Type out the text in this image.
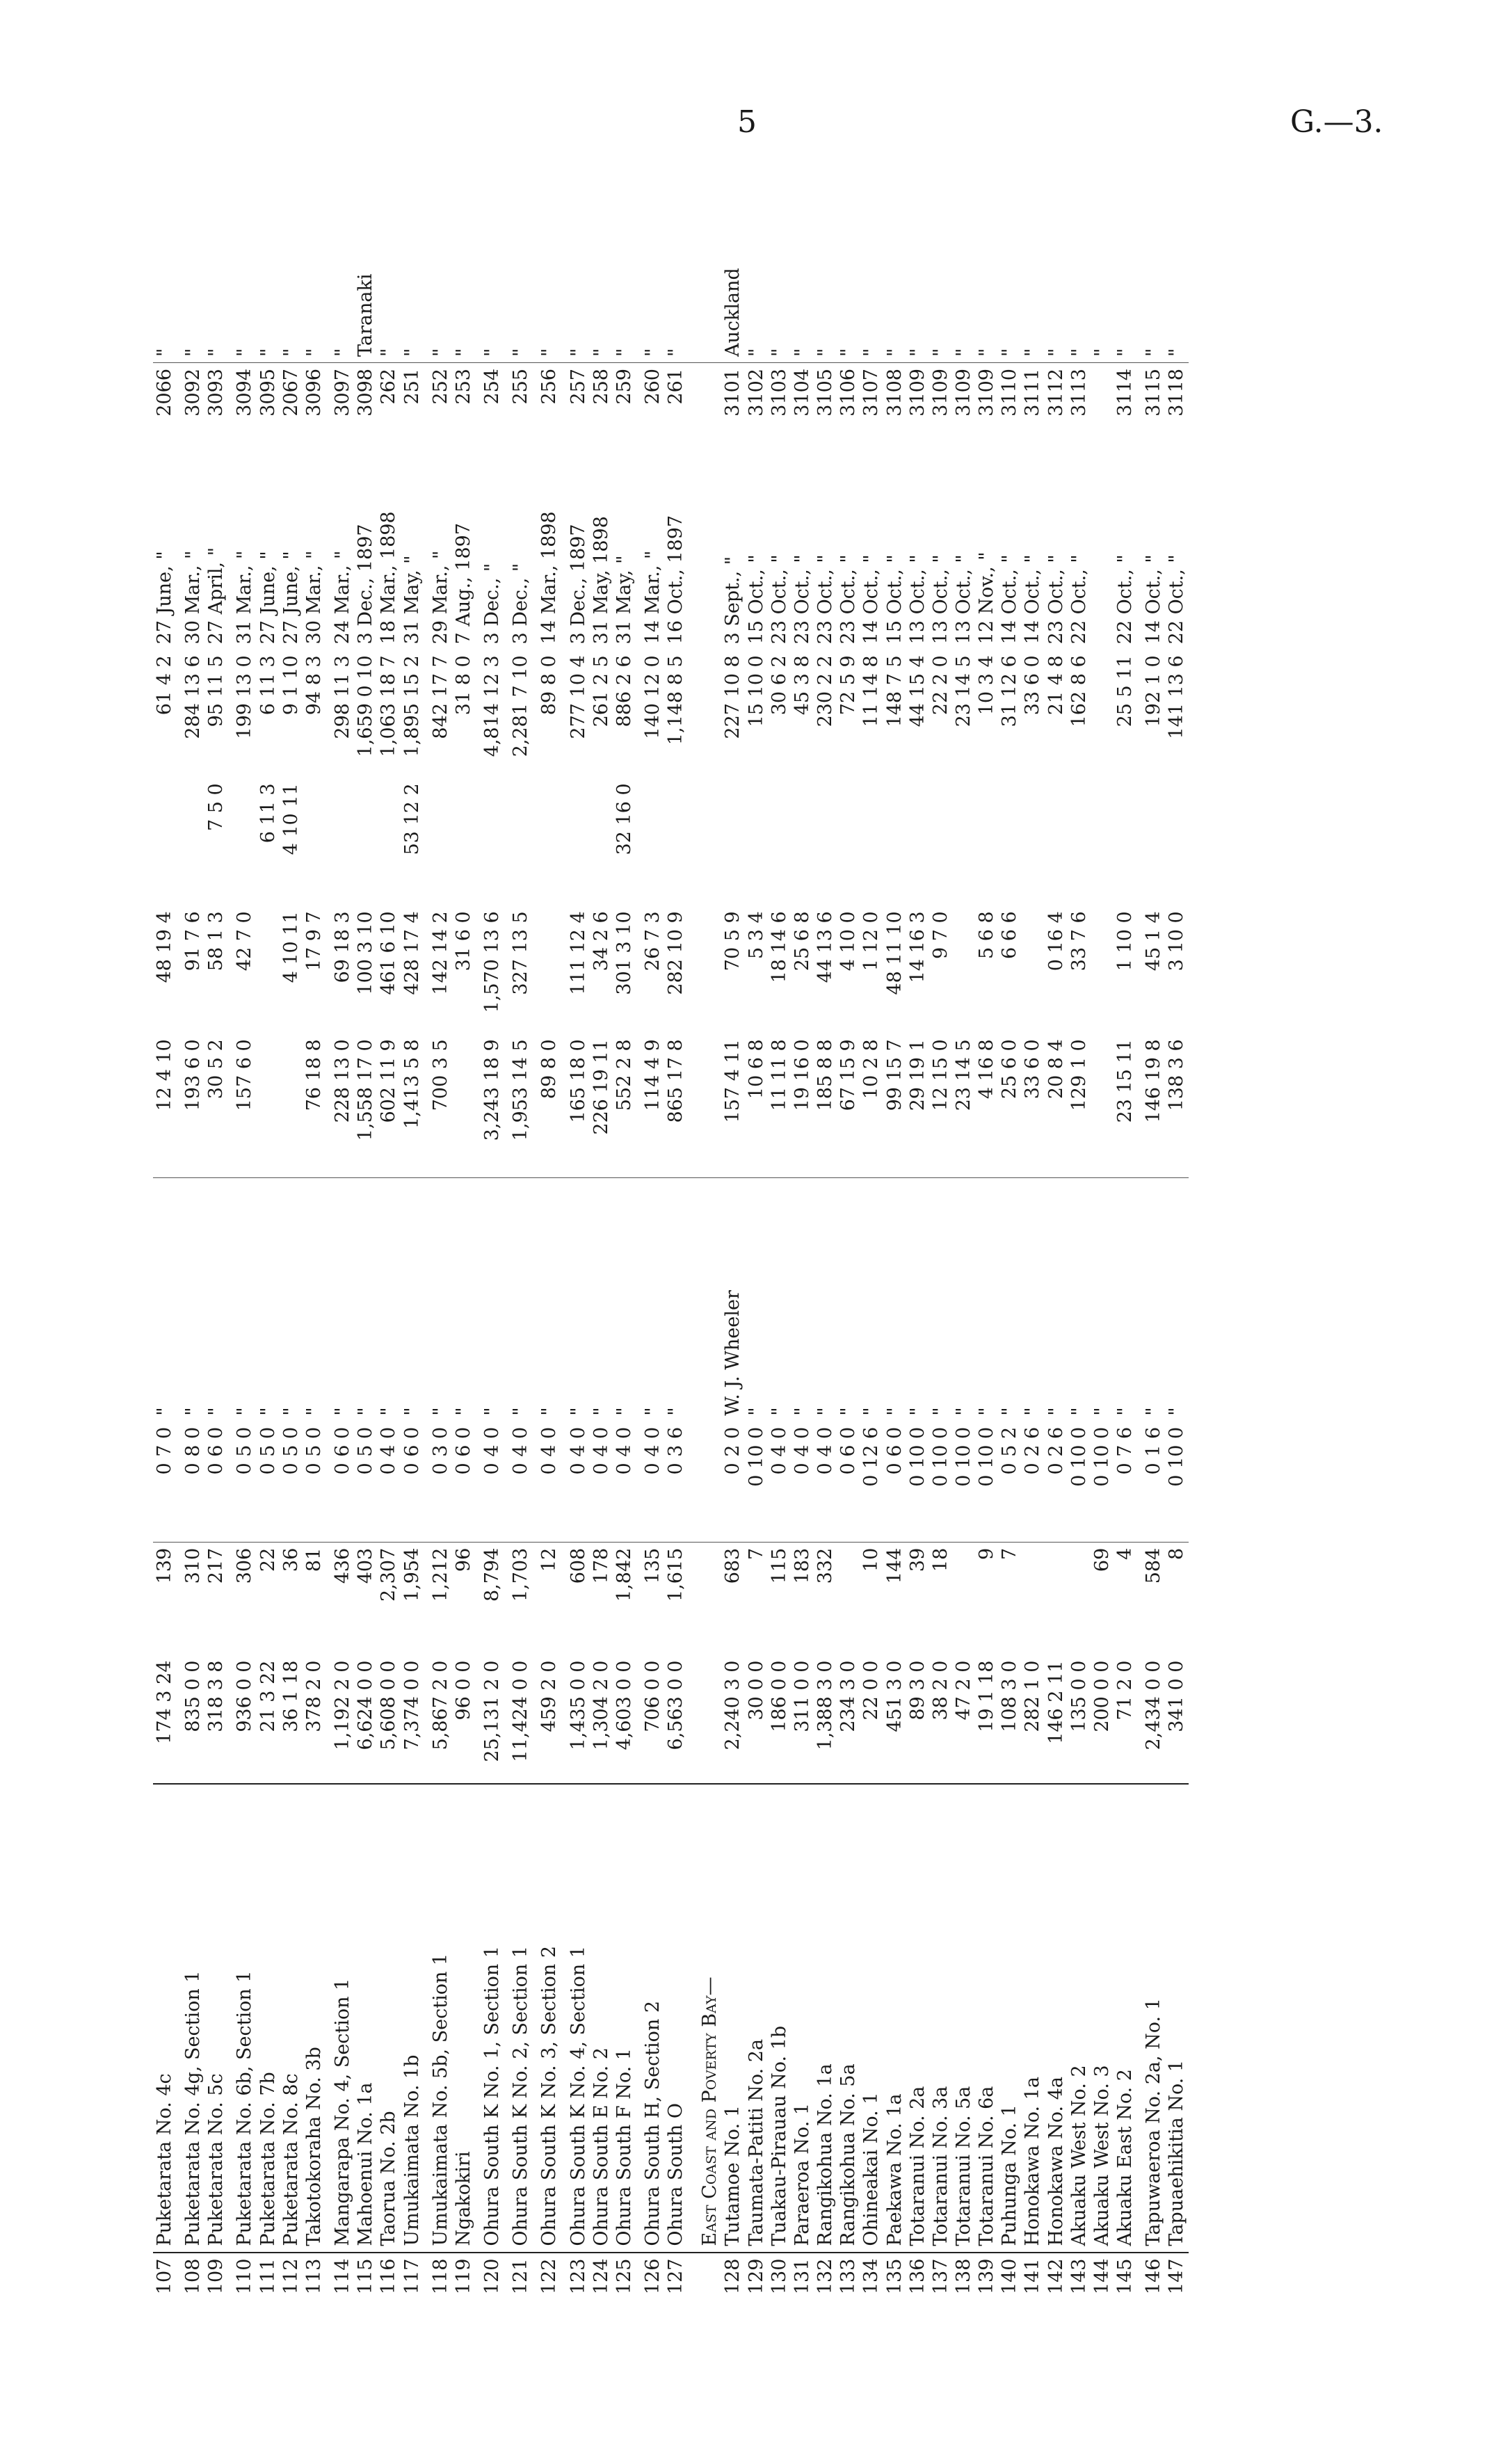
5	G.—3.
107	Puketarata No. 4c	174 3 24	139	0 7 0	"	12 4 10	48 19 4		61 4 2	27 June, "	2066	"
108	Puketarata No. 4g, Section 1	835 0 0	310	0 8 0	"	193 6 0	91 7 6		284 13 6	30 Mar., "	3092	"
109	Puketarata No. 5c	318 3 8	217	0 6 0	"	30 5 2	58 1 3	7 5 0	95 11 5	27 April, "	3093	"
110	Puketarata No. 6b, Section 1	936 0 0	306	0 5 0	"	157 6 0	42 7 0		199 13 0	31 Mar., "	3094	"
111	Puketarata No. 7b	21 3 22	22	0 5 0	"			6 11 3	6 11 3	27 June, "	3095	"
112	Puketarata No. 8c	36 1 18	36	0 5 0	"		4 10 11	4 10 11	9 1 10	27 June, "	2067	"
113	Takotokoraha No. 3b	378 2 0	81	0 5 0	"	76 18 8	17 9 7		94 8 3	30 Mar., "	3096	"
114	Mangarapa No. 4, Section 1	1,192 2 0	436	0 6 0	"	228 13 0	69 18 3		298 11 3	24 Mar., "	3097	"
115	Mahoenui No. 1a	6,624 0 0	403	0 5 0	"	1,558 17 0	100 3 10		1,659 0 10	3 Dec., 1897	3098	Taranaki
116	Taorua No. 2b	5,608 0 0	2,307	0 4 0	"	602 11 9	461 6 10		1,063 18 7	18 Mar., 1898	262	"
117	Umukaimata No. 1b	7,374 0 0	1,954	0 6 0	"	1,413 5 8	428 17 4	53 12 2	1,895 15 2	31 May, "	251	"
118	Umukaimata No. 5b, Section 1	5,867 2 0	1,212	0 3 0	"	700 3 5	142 14 2		842 17 7	29 Mar., "	252	"
119	Ngakokiri	96 0 0	96	0 6 0	"		31 6 0		31 8 0	7 Aug., 1897	253	"
120	Ohura South K No. 1, Section 1	25,131 2 0	8,794	0 4 0	"	3,243 18 9	1,570 13 6		4,814 12 3	3 Dec., "	254	"
121	Ohura South K No. 2, Section 1	11,424 0 0	1,703	0 4 0	"	1,953 14 5	327 13 5		2,281 7 10	3 Dec., "	255	"
122	Ohura South K No. 3, Section 2	459 2 0	12	0 4 0	"	89 8 0			89 8 0	14 Mar., 1898	256	"
123	Ohura South K No. 4, Section 1	1,435 0 0	608	0 4 0	"	165 18 0	111 12 4		277 10 4	3 Dec., 1897	257	"
124	Ohura South E No. 2	1,304 2 0	178	0 4 0	"	226 19 11	34 2 6		261 2 5	31 May, 1898	258	"
125	Ohura South F No. 1	4,603 0 0	1,842	0 4 0	"	552 2 8	301 3 10	32 16 0	886 2 6	31 May, "	259	"
126	Ohura South H, Section 2	706 0 0	135	0 4 0	"	114 4 9	26 7 3		140 12 0	14 Mar., "	260	"
127	Ohura South O	6,563 0 0	1,615	0 3 6	"	865 17 8	282 10 9		1,148 8 5	16 Oct., 1897	261	"
	East Coast and Poverty Bay—											
128	Tutamoe No. 1	2,240 3 0	683	0 2 0	W. J. Wheeler	157 4 11	70 5 9		227 10 8	3 Sept., "	3101	Auckland
129	Taumata-Patiti No. 2a	30 0 0	7	0 10 0	"	10 6 8	5 3 4		15 10 0	15 Oct., "	3102	"
130	Tuakau-Pirauau No. 1b	186 0 0	115	0 4 0	"	11 11 8	18 14 6		30 6 2	23 Oct., "	3103	"
131	Paraeroa No. 1	311 0 0	183	0 4 0	"	19 16 0	25 6 8		45 3 8	23 Oct., "	3104	"
132	Rangikohua No. 1a	1,388 3 0	332	0 4 0	"	185 8 8	44 13 6		230 2 2	23 Oct., "	3105	"
133	Rangikohua No. 5a	234 3 0		0 6 0	"	67 15 9	4 10 0		72 5 9	23 Oct., "	3106	"
134	Ohineakai No. 1	22 0 0	10	0 12 6	"	10 2 8	1 12 0		11 14 8	14 Oct., "	3107	"
135	Paekawa No. 1a	451 3 0	144	0 6 0	"	99 15 7	48 11 10		148 7 5	15 Oct., "	3108	"
136	Totaranui No. 2a	89 3 0	39	0 10 0	"	29 19 1	14 16 3		44 15 4	13 Oct., "	3109	"
137	Totaranui No. 3a	38 2 0	18	0 10 0	"	12 15 0	9 7 0		22 2 0	13 Oct., "	3109	"
138	Totaranui No. 5a	47 2 0		0 10 0	"	23 14 5			23 14 5	13 Oct., "	3109	"
139	Totaranui No. 6a	19 1 18	9	0 10 0	"	4 16 8	5 6 8		10 3 4	12 Nov., "	3109	"
140	Puhunga No. 1	108 3 0	7	0 5 2	"	25 6 0	6 6 6		31 12 6	14 Oct., "	3110	"
141	Honokawa No. 1a	282 1 0		0 2 6	"	33 6 0			33 6 0	14 Oct., "	3111	"
142	Honokawa No. 4a	146 2 11		0 2 6	"	20 8 4	0 16 4		21 4 8	23 Oct., "	3112	"
143	Akuaku West No. 2	135 0 0		0 10 0	"	129 1 0	33 7 6		162 8 6	22 Oct., "	3113	"
144	Akuaku West No. 3	200 0 0	69	0 10 0	"							"
145	Akuaku East No. 2	71 2 0	4	0 7 6	"	23 15 11	1 10 0		25 5 11	22 Oct., "	3114	"
146	Tapuwaeroa No. 2a, No. 1	2,434 0 0	584	0 1 6	"	146 19 8	45 1 4		192 1 0	14 Oct., "	3115	"
147	Tapuaehikitia No. 1	341 0 0	8	0 10 0	"	138 3 6	3 10 0		141 13 6	22 Oct., "	3118	"
